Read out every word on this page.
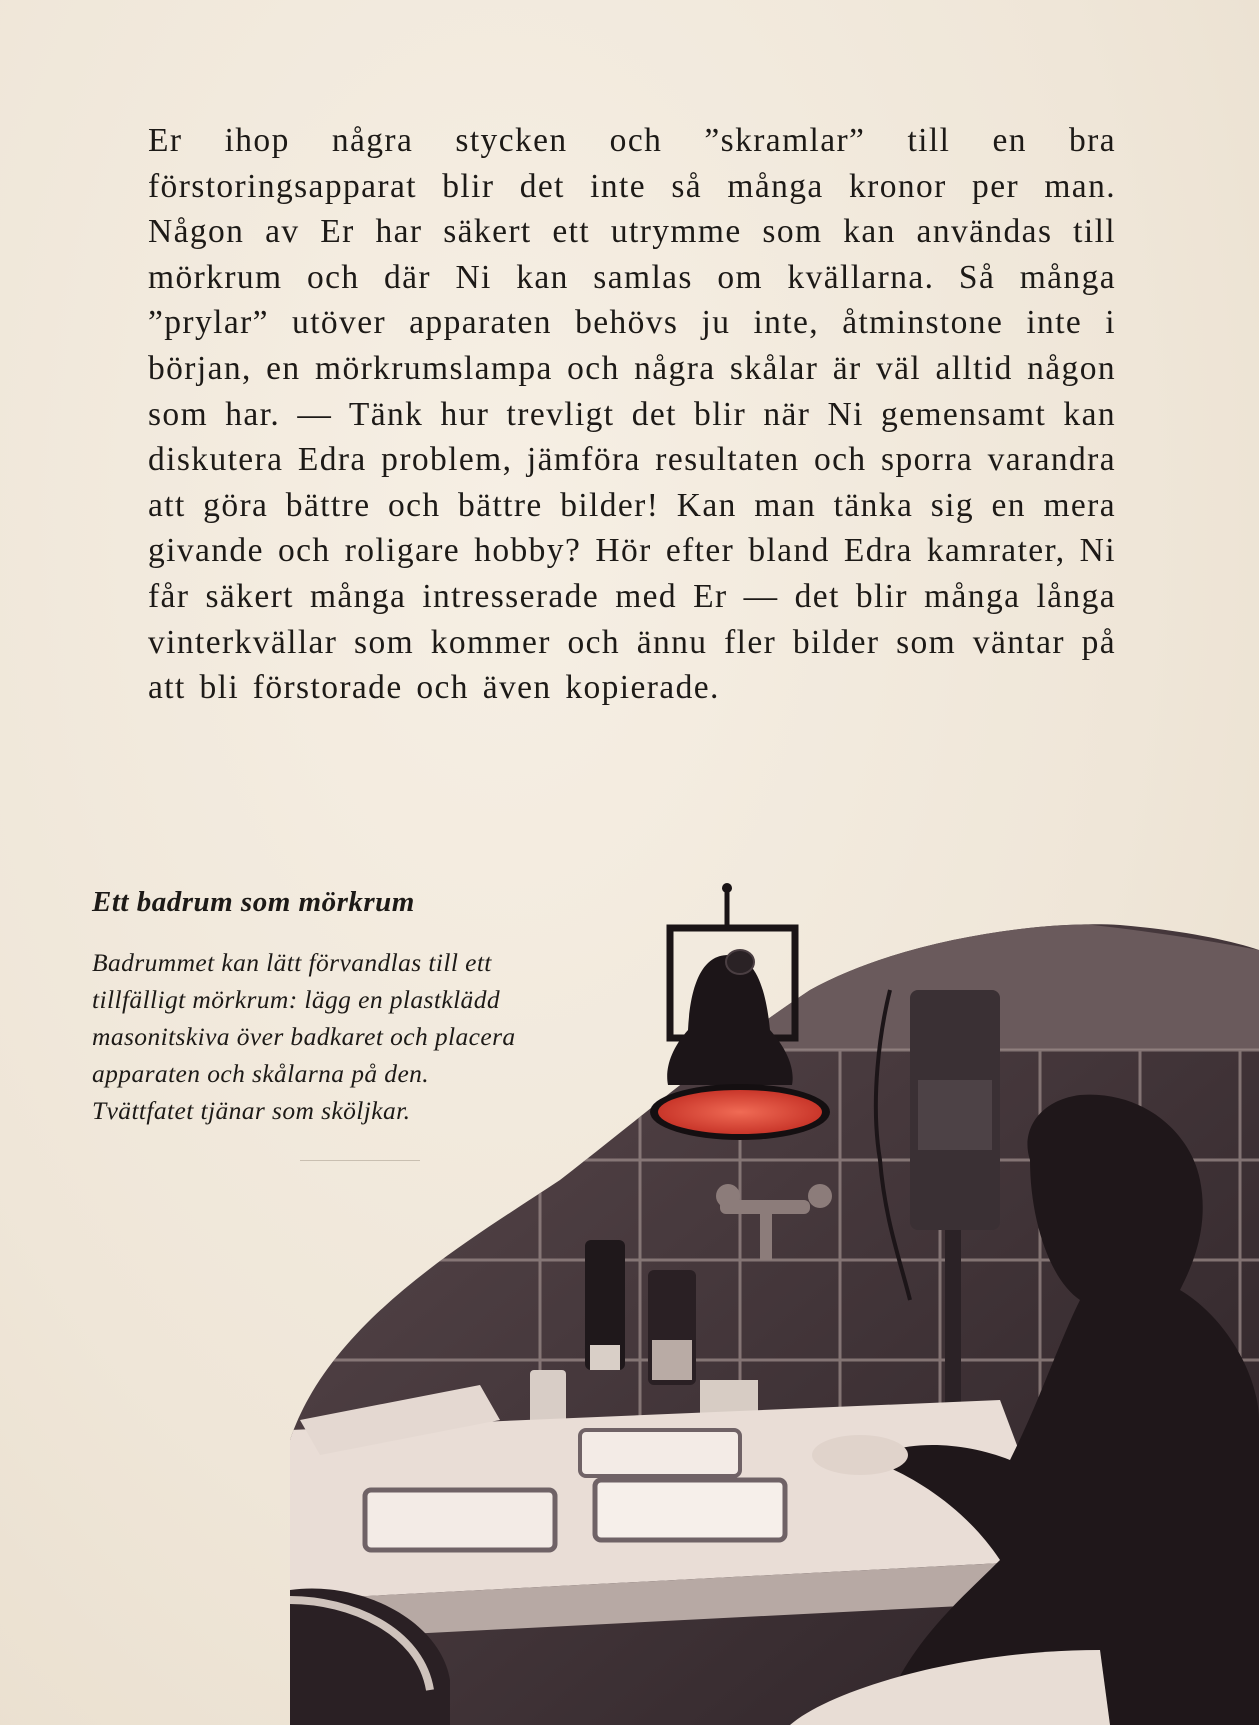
Er ihop några stycken och ”skramlar” till en bra förstoringsapparat blir det inte så många kronor per man. Någon av Er har säkert ett utrymme som kan användas till mörkrum och där Ni kan samlas om kvällarna. Så många ”prylar” utöver apparaten behövs ju inte, åtminstone inte i början, en mörkrumslampa och några skålar är väl alltid någon som har. — Tänk hur trevligt det blir när Ni gemensamt kan diskutera Edra problem, jämföra resultaten och sporra varandra att göra bättre och bättre bilder! Kan man tänka sig en mera givande och roligare hobby? Hör efter bland Edra kamrater, Ni får säkert många intresserade med Er — det blir många långa vinterkvällar som kommer och ännu fler bilder som väntar på att bli förstorade och även kopierade.

Ett badrum som mörkrum

Badrummet kan lätt förvandlas till ett tillfälligt mörkrum: lägg en plastklädd masonitskiva över badkaret och placera apparaten och skålarna på den. Tvättfatet tjänar som sköljkar.
